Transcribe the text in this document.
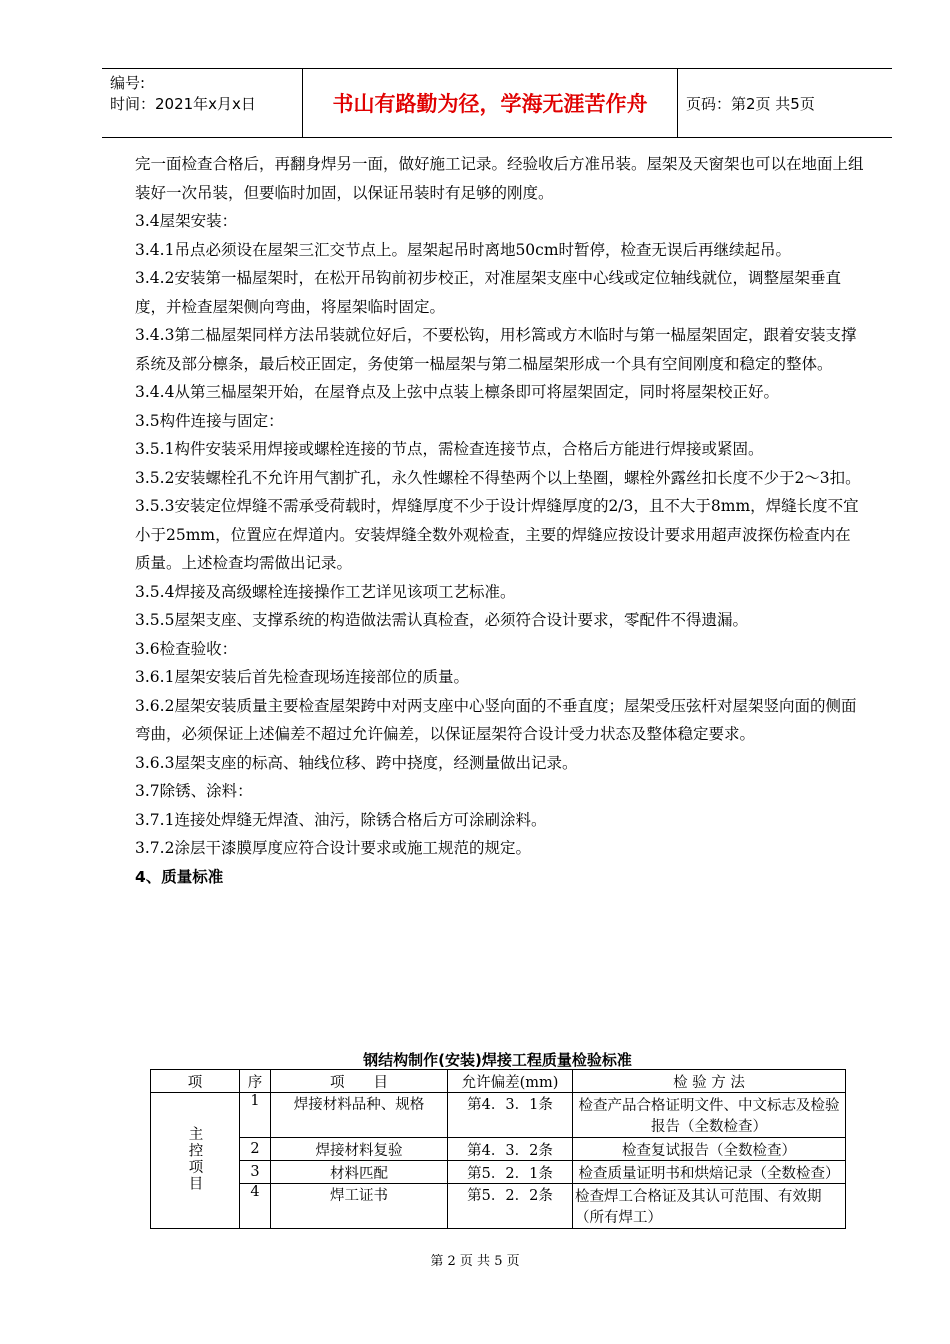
编号:
时间：2021年x月x日	书山有路勤为径，学海无涯苦作舟	页码：第2页 共5页

完一面检查合格后，再翻身焊另一面，做好施工记录。经验收后方准吊装。屋架及天窗架也可以在地面上组装好一次吊装，但要临时加固，以保证吊装时有足够的刚度。

3.4屋架安装：

3.4.1吊点必须设在屋架三汇交节点上。屋架起吊时离地50cm时暂停，检查无误后再继续起吊。

3.4.2安装第一榀屋架时，在松开吊钩前初步校正，对准屋架支座中心线或定位轴线就位，调整屋架垂直度，并检查屋架侧向弯曲，将屋架临时固定。

3.4.3第二榀屋架同样方法吊装就位好后，不要松钩，用杉篙或方木临时与第一榀屋架固定，跟着安装支撑系统及部分檩条，最后校正固定，务使第一榀屋架与第二榀屋架形成一个具有空间刚度和稳定的整体。

3.4.4从第三榀屋架开始，在屋脊点及上弦中点装上檩条即可将屋架固定，同时将屋架校正好。

3.5构件连接与固定：

3.5.1构件安装采用焊接或螺栓连接的节点，需检查连接节点，合格后方能进行焊接或紧固。

3.5.2安装螺栓孔不允许用气割扩孔，永久性螺栓不得垫两个以上垫圈，螺栓外露丝扣长度不少于2～3扣。

3.5.3安装定位焊缝不需承受荷载时，焊缝厚度不少于设计焊缝厚度的2/3，且不大于8mm，焊缝长度不宜小于25mm，位置应在焊道内。安装焊缝全数外观检查，主要的焊缝应按设计要求用超声波探伤检查内在质量。上述检查均需做出记录。

3.5.4焊接及高级螺栓连接操作工艺详见该项工艺标准。

3.5.5屋架支座、支撑系统的构造做法需认真检查，必须符合设计要求，零配件不得遗漏。

3.6检查验收：

3.6.1屋架安装后首先检查现场连接部位的质量。

3.6.2屋架安装质量主要检查屋架跨中对两支座中心竖向面的不垂直度；屋架受压弦杆对屋架竖向面的侧面弯曲，必须保证上述偏差不超过允许偏差，以保证屋架符合设计受力状态及整体稳定要求。

3.6.3屋架支座的标高、轴线位移、跨中挠度，经测量做出记录。

3.7除锈、涂料：

3.7.1连接处焊缝无焊渣、油污，除锈合格后方可涂刷涂料。

3.7.2涂层干漆膜厚度应符合设计要求或施工规范的规定。

4、质量标准

钢结构制作(安装)焊接工程质量检验标准
项	序	项　　目	允许偏差(mm)	检 验 方 法
主控项目	1	焊接材料品种、规格	第4．3．1条	检查产品合格证明文件、中文标志及检验报告（全数检查）
	2	焊接材料复验	第4．3．2条	检查复试报告（全数检查）
	3	材料匹配	第5．2．1条	检查质量证明书和烘焙记录（全数检查）
	4	焊工证书	第5．2．2条	检查焊工合格证及其认可范围、有效期（所有焊工）
第 2 页 共 5 页
